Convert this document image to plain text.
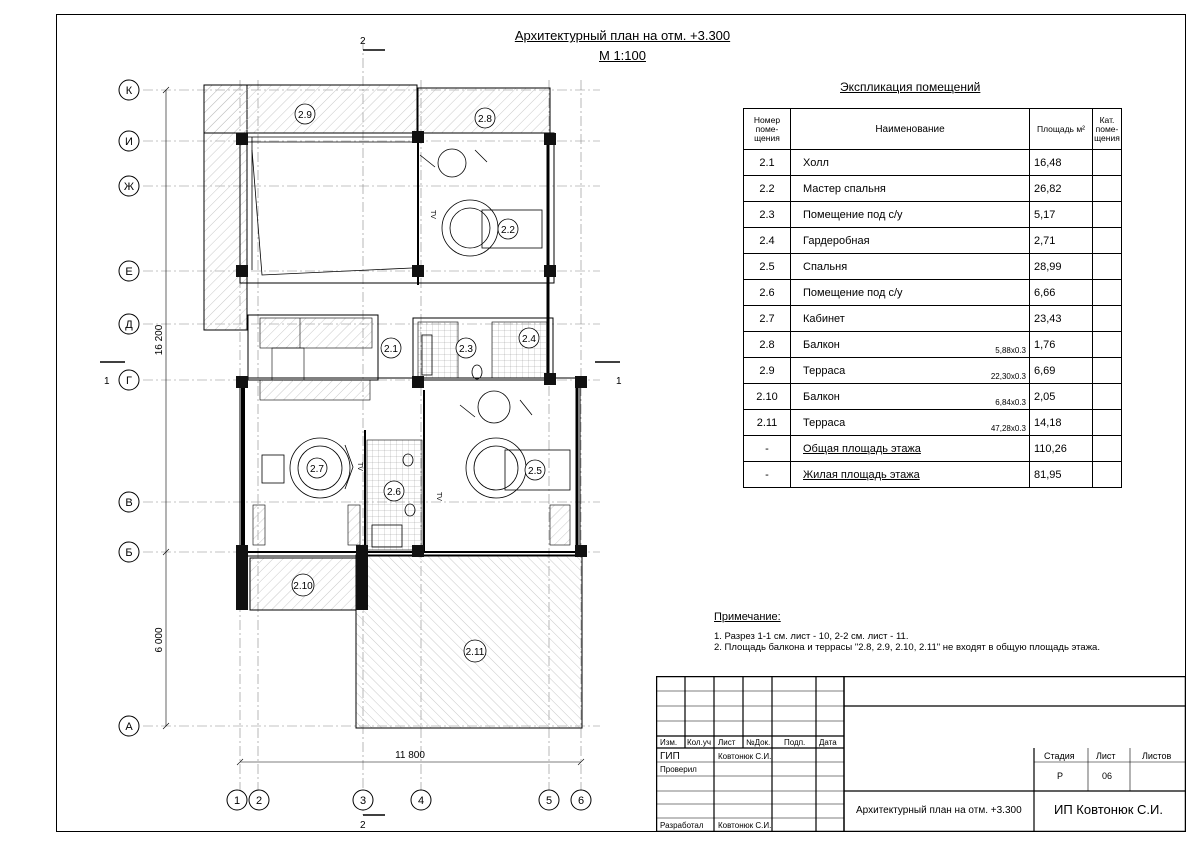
Архитектурный план на отм. +3.300
М 1:100
К
И
Ж
Е
Д
Г
В
Б
А
1 2	3	4	5 6
16 200
6 000
11 800
1	1
2
2
2.1
2.2
2.3
2.4
2.5
2.6
2.7
2.8
2.9
2.10
2.11
TV
TV
TV
Экспликация помещений
Номер поме-щения	Наименование	Площадь м²	Кат. поме-щения
2.1	Холл	16,48	
2.2	Мастер спальня	26,82	
2.3	Помещение под с/у	5,17	
2.4	Гардеробная	2,71	
2.5	Спальня	28,99	
2.6	Помещение под с/у	6,66	
2.7	Кабинет	23,43	
2.8	Балкон 5,88x0.3	1,76	
2.9	Терраса 22,30x0.3	6,69	
2.10	Балкон 6,84x0.3	2,05	
2.11	Терраса 47,28x0.3	14,18	
-	Общая площадь этажа	110,26	
-	Жилая площадь этажа	81,95	
Примечание:
1. Разрез 1-1 см. лист - 10, 2-2 см. лист - 11.
2. Площадь балкона и террасы "2.8, 2.9, 2.10, 2.11" не входят в общую площадь этажа.
Изм. Кол.уч Лист №Док. Подп. Дата
ГИП	Ковтонюк С.И.
Проверил
Разработал Ковтонюк С.И.
Стадия Лист	Листов
Р	06
Архитектурный план на отм. +3.300 ИП Ковтонюк С.И.
